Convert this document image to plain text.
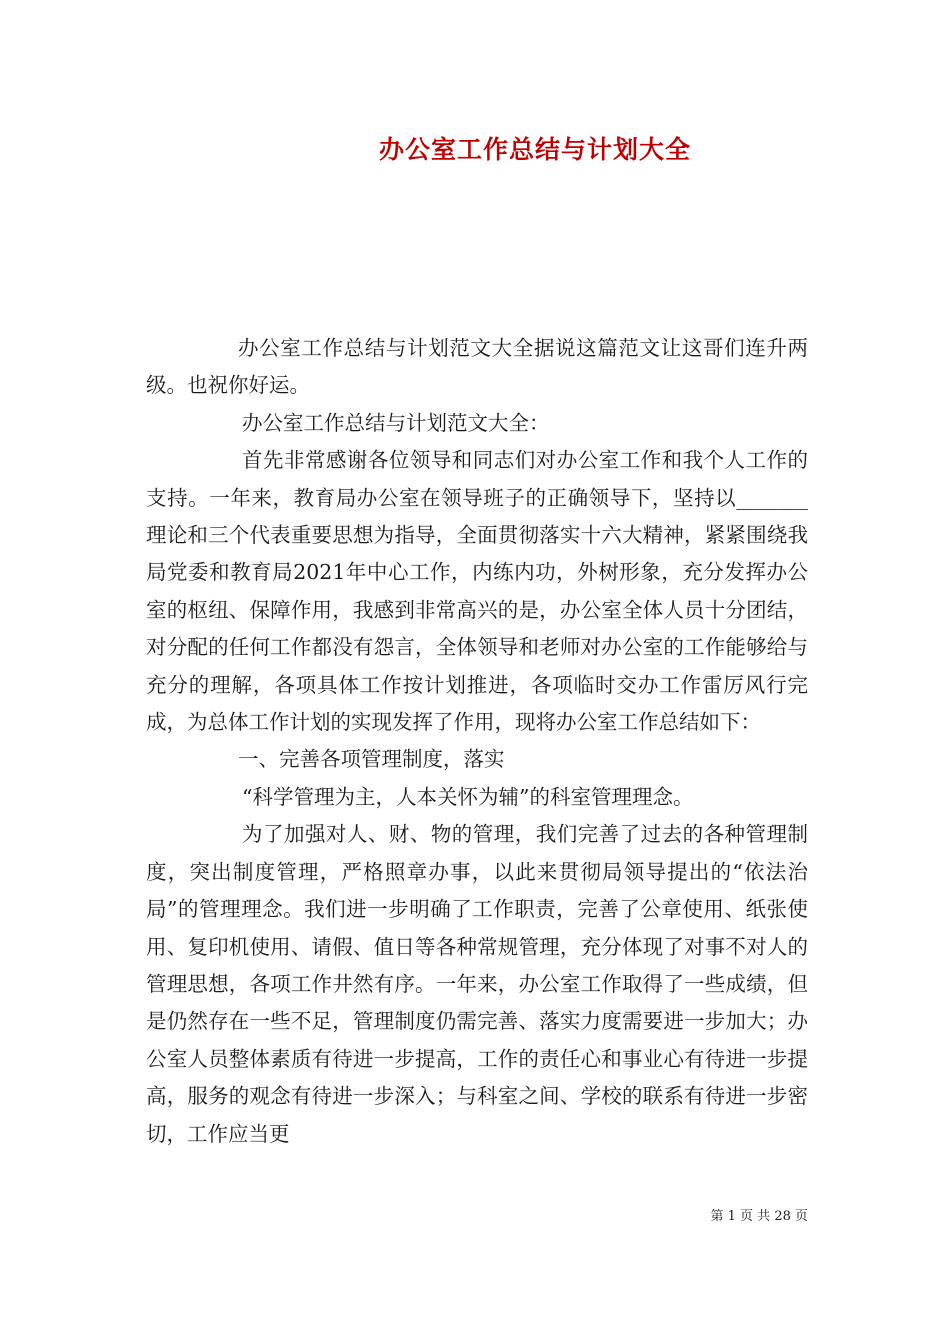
办公室工作总结与计划大全

办公室工作总结与计划范文大全据说这篇范文让这哥们连升两级。也祝你好运。

办公室工作总结与计划范文大全：

首先非常感谢各位领导和同志们对办公室工作和我个人工作的支持。一年来，教育局办公室在领导班子的正确领导下，坚持以_______理论和三个代表重要思想为指导，全面贯彻落实十六大精神，紧紧围绕我局党委和教育局2021年中心工作，内练内功，外树形象，充分发挥办公室的枢纽、保障作用，我感到非常高兴的是，办公室全体人员十分团结，对分配的任何工作都没有怨言，全体领导和老师对办公室的工作能够给与充分的理解，各项具体工作按计划推进，各项临时交办工作雷厉风行完成，为总体工作计划的实现发挥了作用，现将办公室工作总结如下：

一、完善各项管理制度，落实

“科学管理为主，人本关怀为辅”的科室管理理念。

为了加强对人、财、物的管理，我们完善了过去的各种管理制度，突出制度管理，严格照章办事，以此来贯彻局领导提出的“依法治局”的管理理念。我们进一步明确了工作职责，完善了公章使用、纸张使用、复印机使用、请假、值日等各种常规管理，充分体现了对事不对人的管理思想，各项工作井然有序。一年来，办公室工作取得了一些成绩，但是仍然存在一些不足，管理制度仍需完善、落实力度需要进一步加大；办公室人员整体素质有待进一步提高，工作的责任心和事业心有待进一步提高，服务的观念有待进一步深入；与科室之间、学校的联系有待进一步密切，工作应当更

第 1 页 共 28 页
